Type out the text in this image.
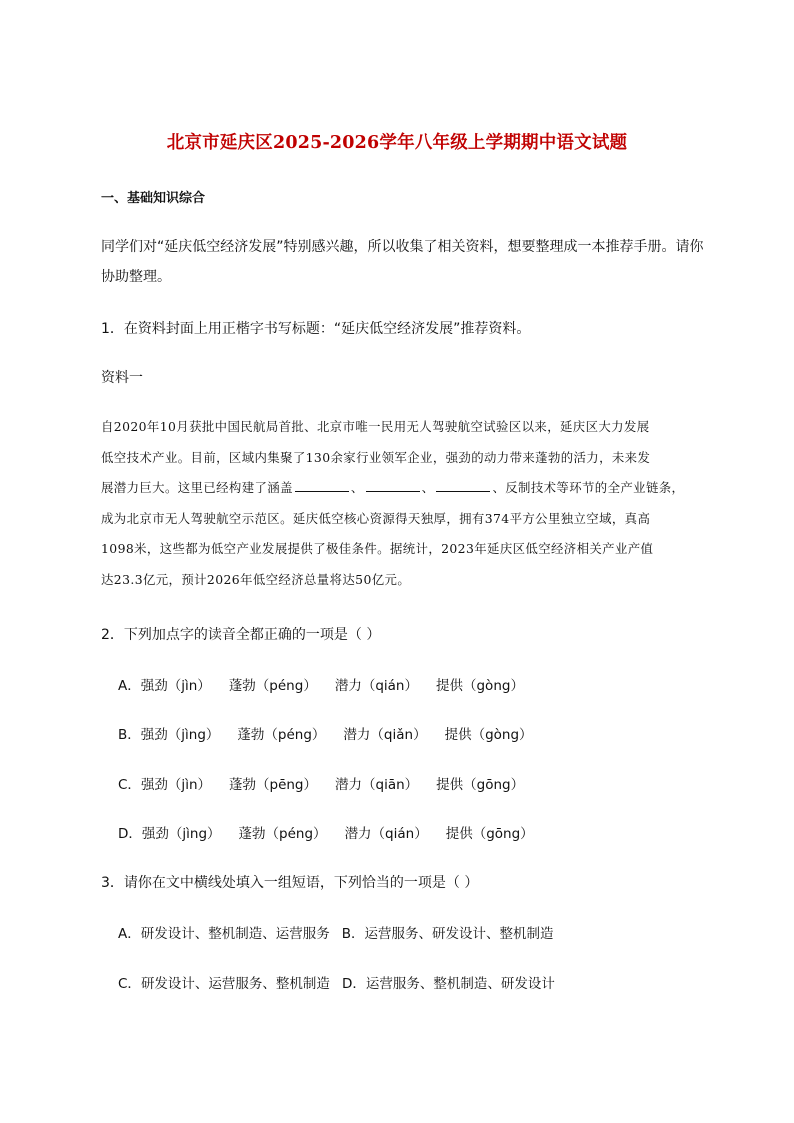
北京市延庆区2025-2026学年八年级上学期期中语文试题
一、基础知识综合
同学们对“延庆低空经济发展”特别感兴趣，所以收集了相关资料，想要整理成一本推荐手册。请你
协助整理。
1．在资料封面上用正楷字书写标题：“延庆低空经济发展”推荐资料。
资料一
自2020年10月获批中国民航局首批、北京市唯一民用无人驾驶航空试验区以来，延庆区大力发展
低空技术产业。目前，区域内集聚了130余家行业领军企业，强劲的动力带来蓬勃的活力，未来发
展潜力巨大。这里已经构建了涵盖	、	、	、反制技术等环节的全产业链条，
成为北京市无人驾驶航空示范区。延庆低空核心资源得天独厚，拥有374平方公里独立空域，真高
1098米，这些都为低空产业发展提供了极佳条件。据统计，2023年延庆区低空经济相关产业产值
达23.3亿元，预计2026年低空经济总量将达50亿元。
2．下列加点字的读音全都正确的一项是（ ）
A．强劲（jìn） 蓬勃（péng） 潜力（qián） 提供（gòng）
B．强劲（jìng） 蓬勃（péng） 潜力（qiǎn） 提供（gòng）
C．强劲（jìn） 蓬勃（pēng） 潜力（qiān） 提供（gōng）
D．强劲（jìng） 蓬勃（péng） 潜力（qián） 提供（gōng）
3．请你在文中横线处填入一组短语，下列恰当的一项是（ ）
A．研发设计、整机制造、运营服务 B．运营服务、研发设计、整机制造
C．研发设计、运营服务、整机制造 D．运营服务、整机制造、研发设计
